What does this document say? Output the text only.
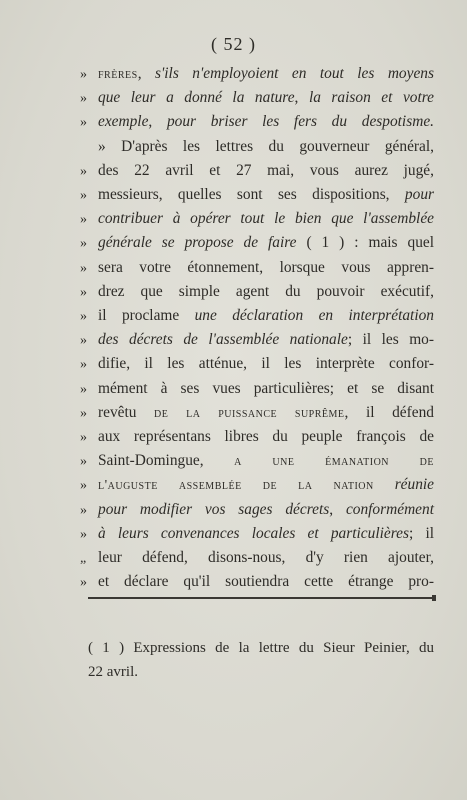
( 52 )
» frères, s'ils n'employoient en tout les moyens
» que leur a donné la nature, la raison et votre
» exemple, pour briser les fers du despotisme.
» D'après les lettres du gouverneur général,
» des 22 avril et 27 mai, vous aurez jugé,
» messieurs, quelles sont ses dispositions, pour
» contribuer à opérer tout le bien que l'assemblée
» générale se propose de faire ( 1 ) : mais quel
» sera votre étonnement, lorsque vous appren-
» drez que simple agent du pouvoir exécutif,
» il proclame une déclaration en interprétation
» des décrets de l'assemblée nationale; il les mo-
» difie, il les atténue, il les interprète confor-
» mément à ses vues particulières; et se disant
» revêtu de la puissance suprême, il défend
» aux représentans libres du peuple françois de
» Saint-Domingue, a une émanation de
» l'auguste assemblée de la nation réunie
» pour modifier vos sages décrets, conformément
» à leurs convenances locales et particulières; il
„ leur défend, disons-nous, d'y rien ajouter,
» et déclare qu'il soutiendra cette étrange pro-
( 1 ) Expressions de la lettre du Sieur Peinier, du
22 avril.
